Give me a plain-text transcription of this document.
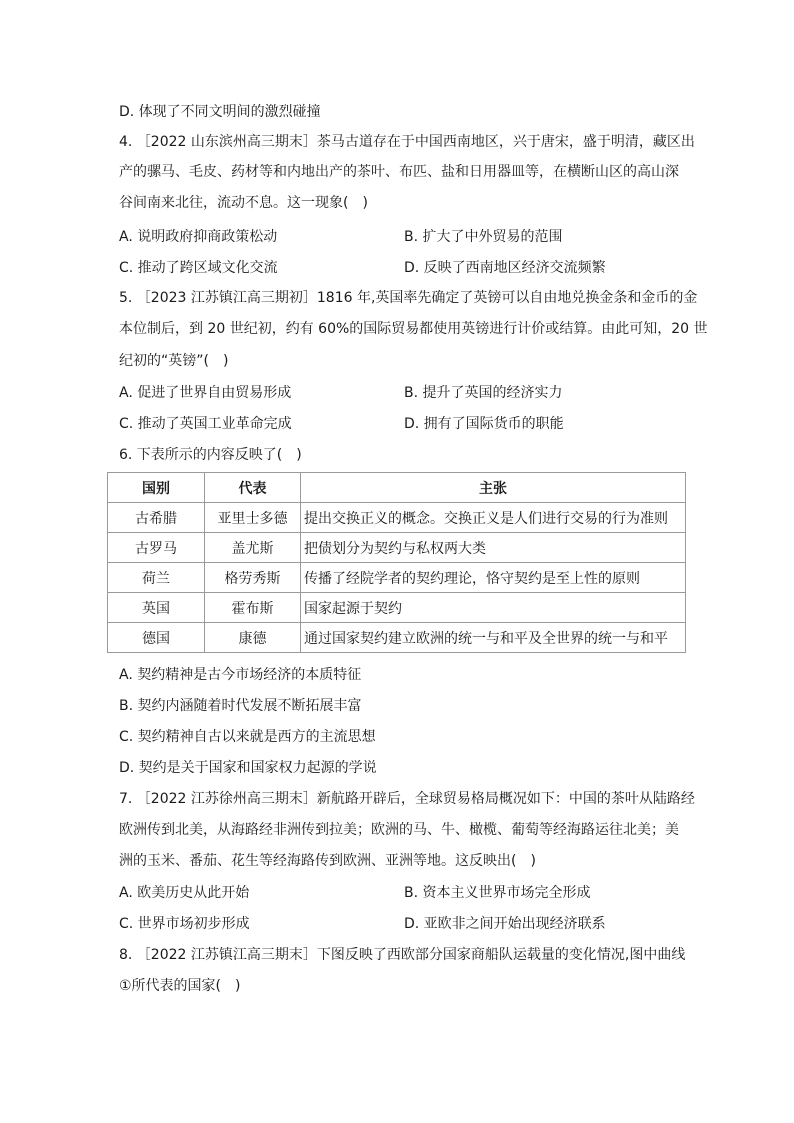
D. 体现了不同文明间的激烈碰撞
4. ［2022 山东滨州高三期末］茶马古道存在于中国西南地区，兴于唐宋，盛于明清，藏区出
产的骡马、毛皮、药材等和内地出产的茶叶、布匹、盐和日用器皿等，在横断山区的高山深
谷间南来北往，流动不息。这一现象(　)
A. 说明政府抑商政策松动	B. 扩大了中外贸易的范围
C. 推动了跨区域文化交流	D. 反映了西南地区经济交流频繁
5. ［2023 江苏镇江高三期初］1816 年,英国率先确定了英镑可以自由地兑换金条和金币的金
本位制后，到 20 世纪初，约有 60%的国际贸易都使用英镑进行计价或结算。由此可知，20 世
纪初的“英镑”(　)
A. 促进了世界自由贸易形成	B. 提升了英国的经济实力
C. 推动了英国工业革命完成	D. 拥有了国际货币的职能
6. 下表所示的内容反映了(　)
国别	代表	主张
古希腊	亚里士多德	提出交换正义的概念。交换正义是人们进行交易的行为准则
古罗马	盖尤斯	把债划分为契约与私权两大类
荷兰	格劳秀斯	传播了经院学者的契约理论，恪守契约是至上性的原则
英国	霍布斯	国家起源于契约
德国	康德	通过国家契约建立欧洲的统一与和平及全世界的统一与和平
A. 契约精神是古今市场经济的本质特征
B. 契约内涵随着时代发展不断拓展丰富
C. 契约精神自古以来就是西方的主流思想
D. 契约是关于国家和国家权力起源的学说
7. ［2022 江苏徐州高三期末］新航路开辟后，全球贸易格局概况如下：中国的茶叶从陆路经
欧洲传到北美，从海路经非洲传到拉美；欧洲的马、牛、橄榄、葡萄等经海路运往北美；美
洲的玉米、番茄、花生等经海路传到欧洲、亚洲等地。这反映出(　)
A. 欧美历史从此开始	B. 资本主义世界市场完全形成
C. 世界市场初步形成	D. 亚欧非之间开始出现经济联系
8. ［2022 江苏镇江高三期末］下图反映了西欧部分国家商船队运载量的变化情况,图中曲线
①所代表的国家(　)
